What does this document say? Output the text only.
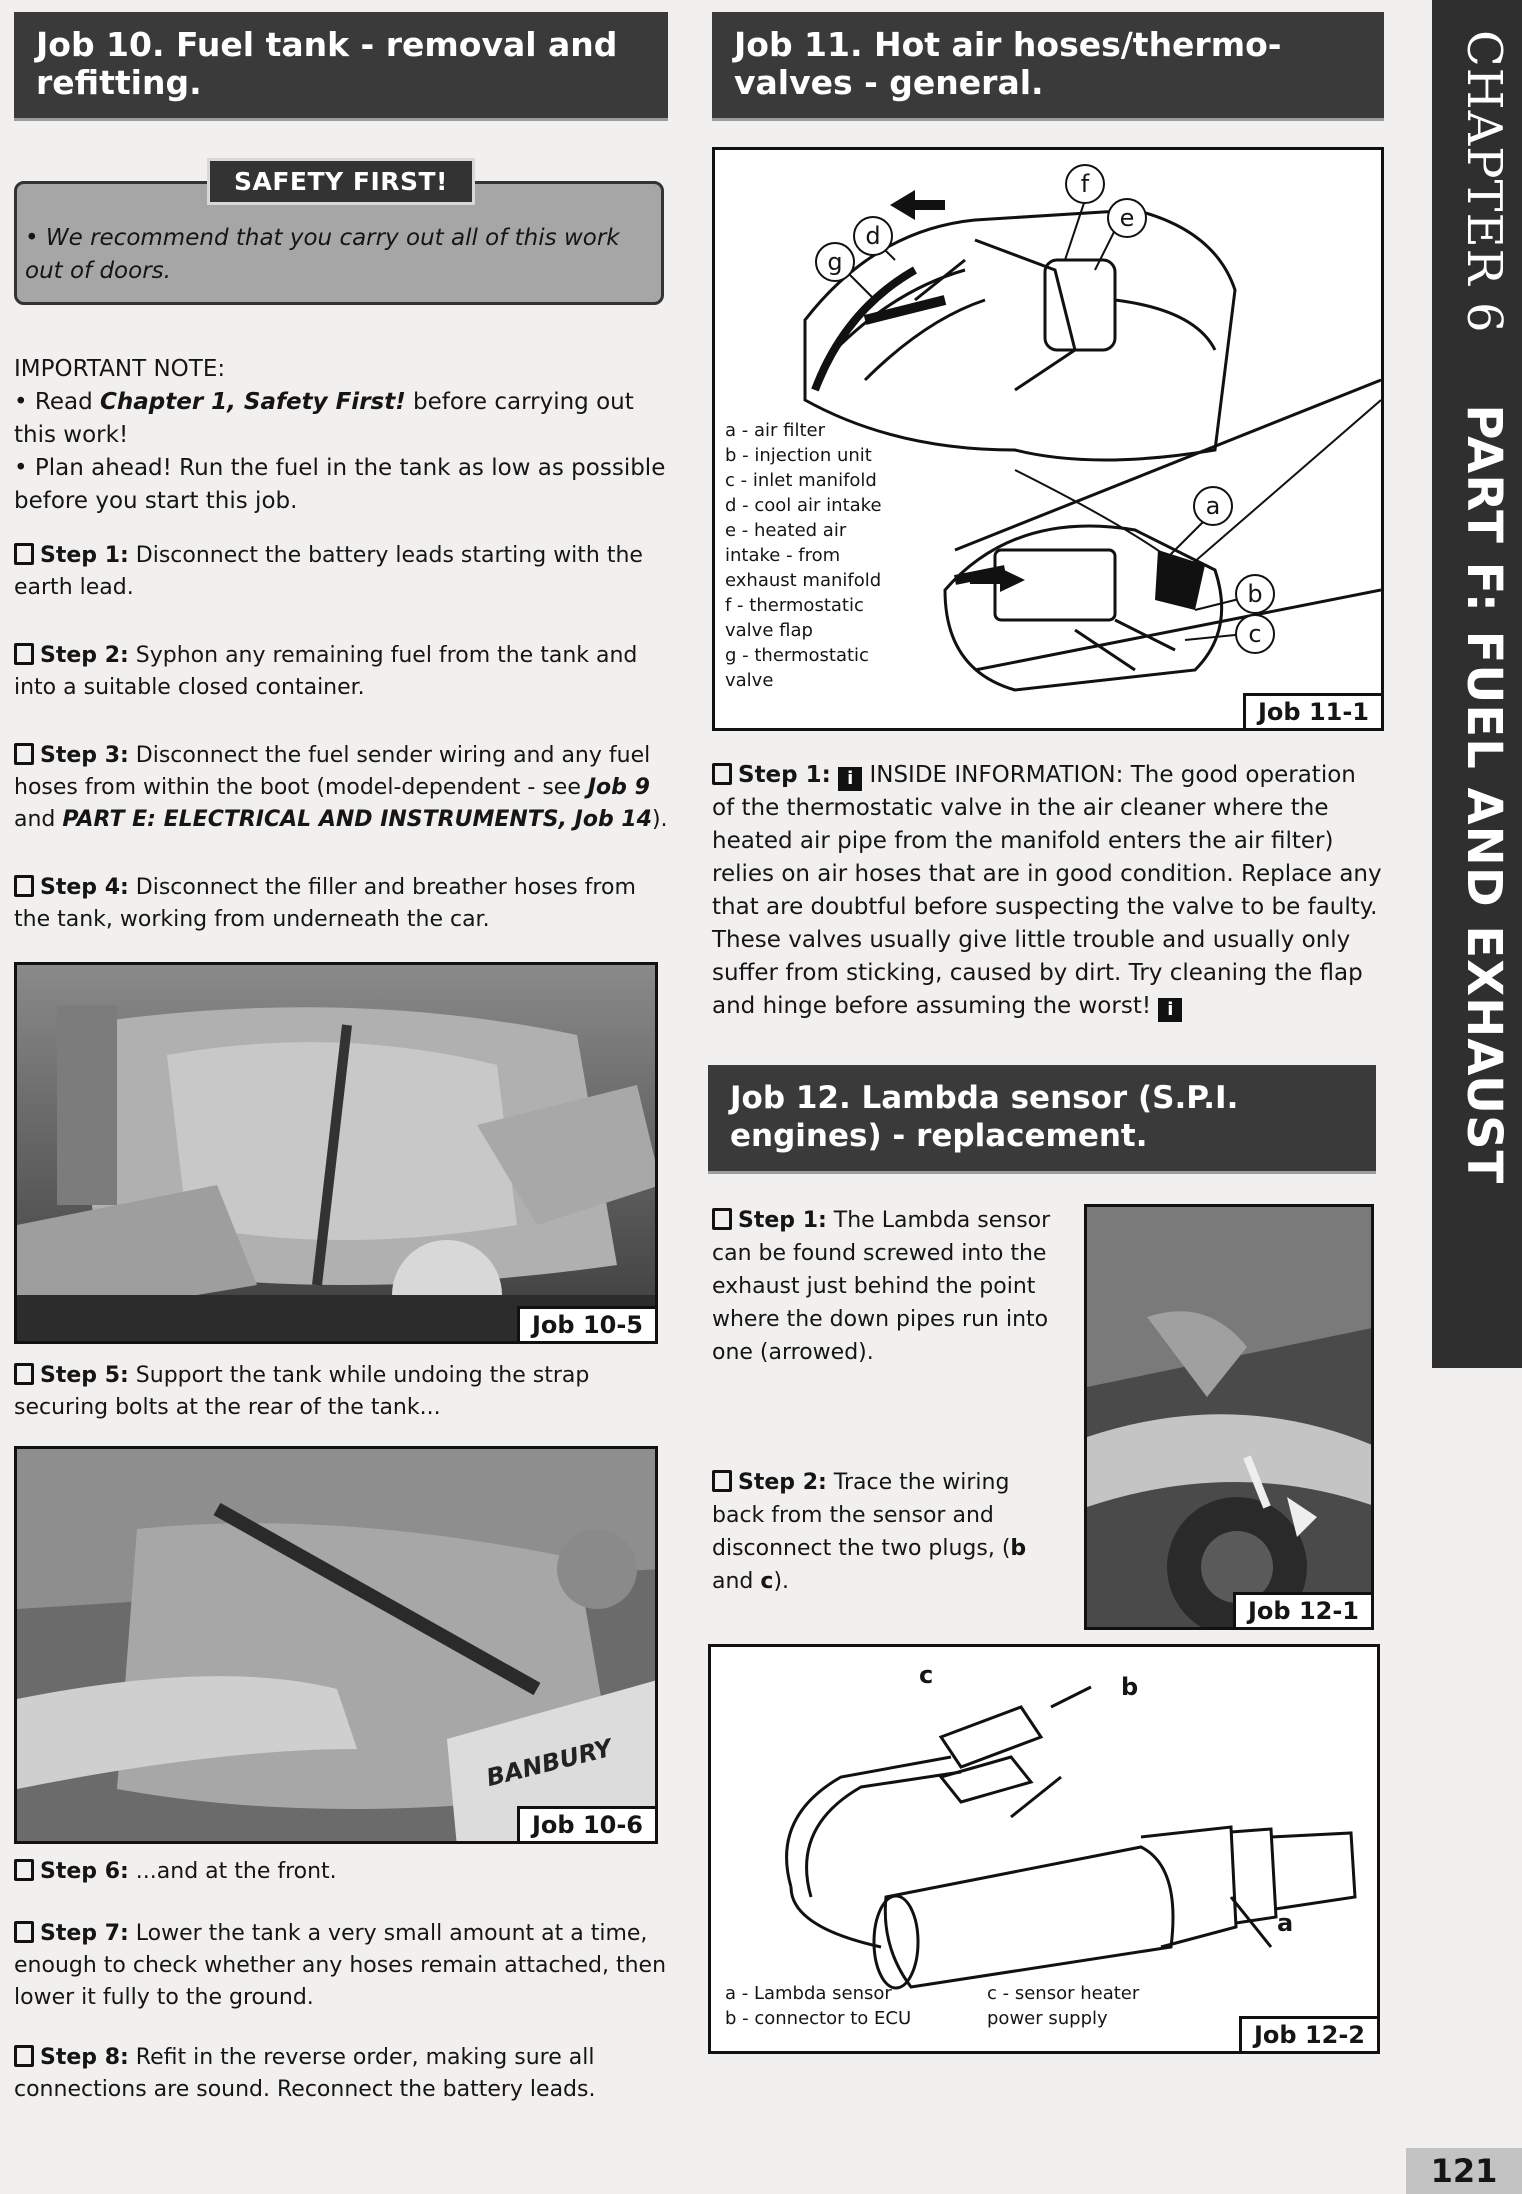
Job 10. Fuel tank - removal and refitting.
SAFETY FIRST!
• We recommend that you carry out all of this work out of doors.

IMPORTANT NOTE:

• Read Chapter 1, Safety First! before carrying out this work!

• Plan ahead! Run the fuel in the tank as low as possible before you start this job.

Step 1: Disconnect the battery leads starting with the earth lead.
Step 2: Syphon any remaining fuel from the tank and into a suitable closed container.
Step 3: Disconnect the fuel sender wiring and any fuel hoses from within the boot (model-dependent - see Job 9 and PART E: ELECTRICAL AND INSTRUMENTS, Job 14).
Step 4: Disconnect the filler and breather hoses from the tank, working from underneath the car.
Job 10-5
Step 5: Support the tank while undoing the strap securing bolts at the rear of the tank...
BANBURY
Job 10-6
Step 6: ...and at the front.
Step 7: Lower the tank a very small amount at a time, enough to check whether any hoses remain attached, then lower it fully to the ground.
Step 8: Refit in the reverse order, making sure all connections are sound. Reconnect the battery leads.
Job 11. Hot air hoses/thermo-valves - general.
a - air filter
b - injection unit
c - inlet manifold
d - cool air intake
e - heated air intake - from exhaust manifold
f - thermostatic valve flap
g - thermostatic valve
a
b
c
d
e
f
g
Job 11-1
Step 1: i INSIDE INFORMATION: The good operation of the thermostatic valve in the air cleaner where the heated air pipe from the manifold enters the air filter) relies on air hoses that are in good condition. Replace any that are doubtful before suspecting the valve to be faulty. These valves usually give little trouble and usually only suffer from sticking, caused by dirt. Try cleaning the flap and hinge before assuming the worst! i
Job 12. Lambda sensor (S.P.I. engines) - replacement.
Step 1: The Lambda sensor can be found screwed into the exhaust just behind the point where the down pipes run into one (arrowed).
Step 2: Trace the wiring back from the sensor and disconnect the two plugs, (b and c).
Job 12-1
c	b
a
a - Lambda sensor
b - connector to ECU
c - sensor heater power supply
Job 12-2
CHAPTER 6    PART F: FUEL AND EXHAUST
121
